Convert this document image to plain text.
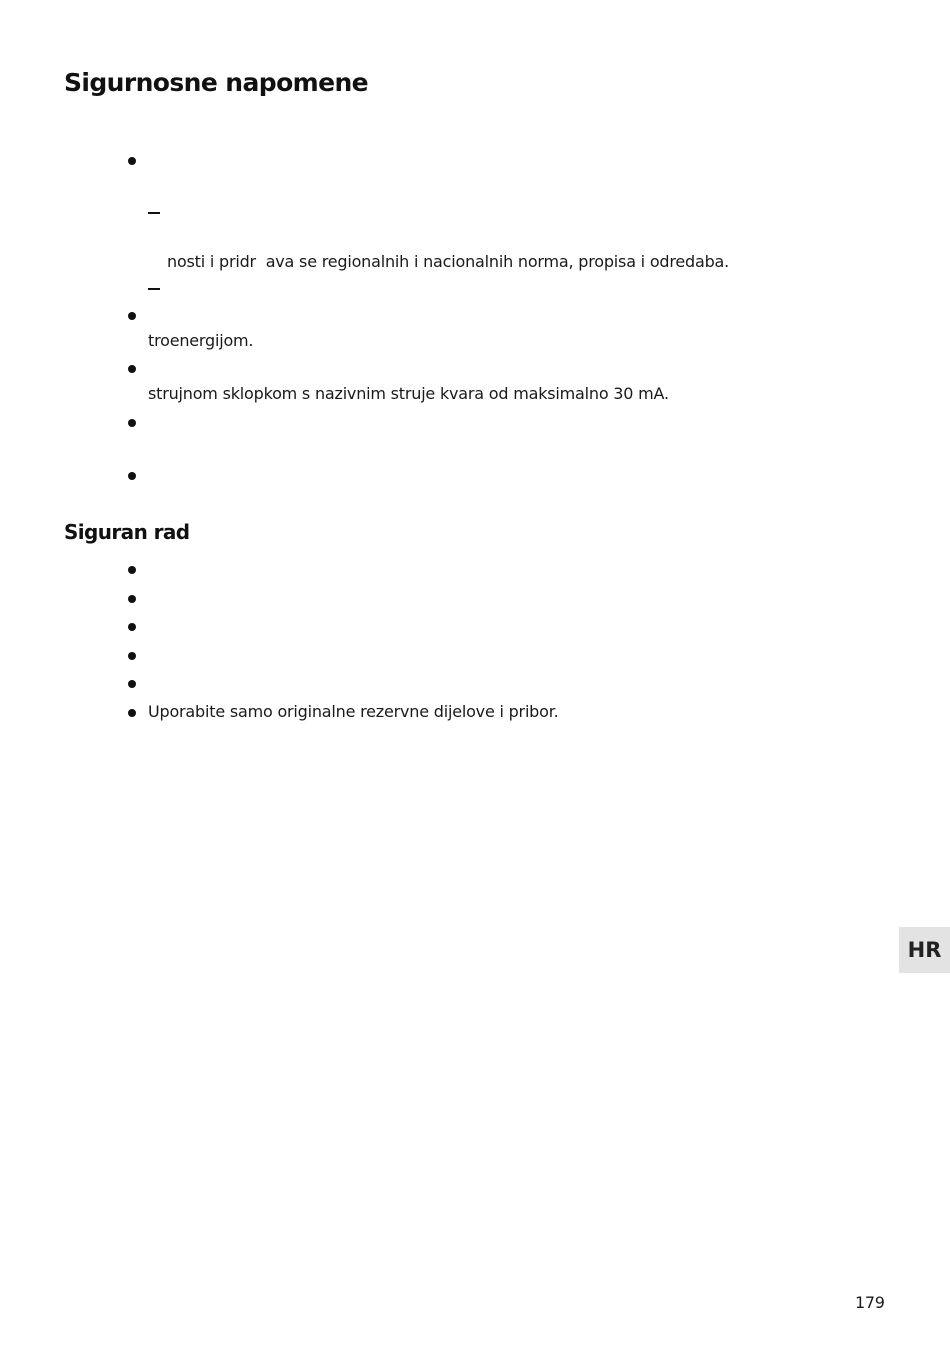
Sigurnosne napomene
nosti i pridr  ava se regionalnih i nacionalnih norma, propisa i odredaba.
troenergijom.
strujnom sklopkom s nazivnim struje kvara od maksimalno 30 mA.
Siguran rad
Uporabite samo originalne rezervne dijelove i pribor.
HR
179
